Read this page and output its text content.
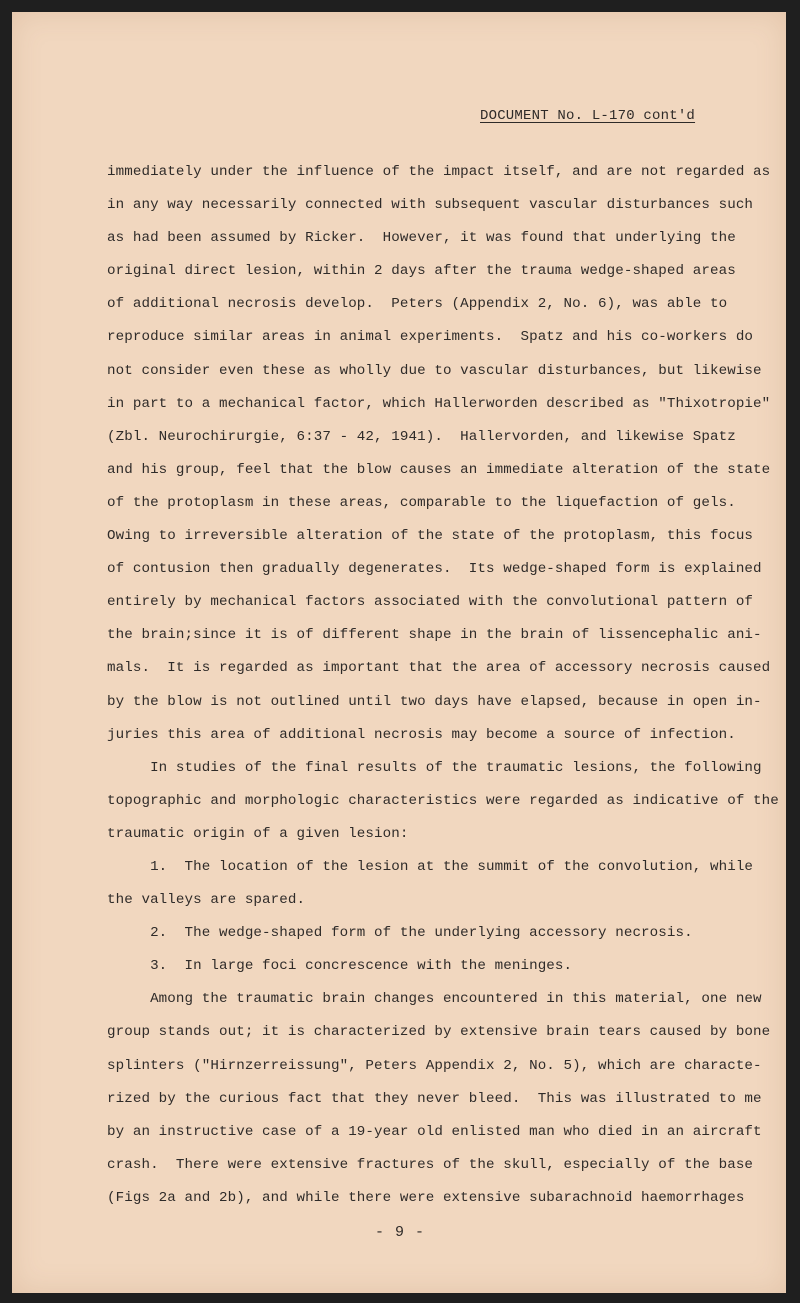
DOCUMENT No. L-170 cont'd
immediately under the influence of the impact itself, and are not regarded as
in any way necessarily connected with subsequent vascular disturbances such
as had been assumed by Ricker.  However, it was found that underlying the
original direct lesion, within 2 days after the trauma wedge-shaped areas
of additional necrosis develop.  Peters (Appendix 2, No. 6), was able to
reproduce similar areas in animal experiments.  Spatz and his co-workers do
not consider even these as wholly due to vascular disturbances, but likewise
in part to a mechanical factor, which Hallerworden described as "Thixotropie"
(Zbl. Neurochirurgie, 6:37 - 42, 1941).  Hallervorden, and likewise Spatz
and his group, feel that the blow causes an immediate alteration of the state
of the protoplasm in these areas, comparable to the liquefaction of gels.
Owing to irreversible alteration of the state of the protoplasm, this focus
of contusion then gradually degenerates.  Its wedge-shaped form is explained
entirely by mechanical factors associated with the convolutional pattern of
the brain;since it is of different shape in the brain of lissencephalic ani-
mals.  It is regarded as important that the area of accessory necrosis caused
by the blow is not outlined until two days have elapsed, because in open in-
juries this area of additional necrosis may become a source of infection.
In studies of the final results of the traumatic lesions, the following
topographic and morphologic characteristics were regarded as indicative of the
traumatic origin of a given lesion:
1.  The location of the lesion at the summit of the convolution, while
the valleys are spared.
2.  The wedge-shaped form of the underlying accessory necrosis.
3.  In large foci concrescence with the meninges.
Among the traumatic brain changes encountered in this material, one new
group stands out; it is characterized by extensive brain tears caused by bone
splinters ("Hirnzerreissung", Peters Appendix 2, No. 5), which are characte-
rized by the curious fact that they never bleed.  This was illustrated to me
by an instructive case of a 19-year old enlisted man who died in an aircraft
crash.  There were extensive fractures of the skull, especially of the base
(Figs 2a and 2b), and while there were extensive subarachnoid haemorrhages
- 9 -
